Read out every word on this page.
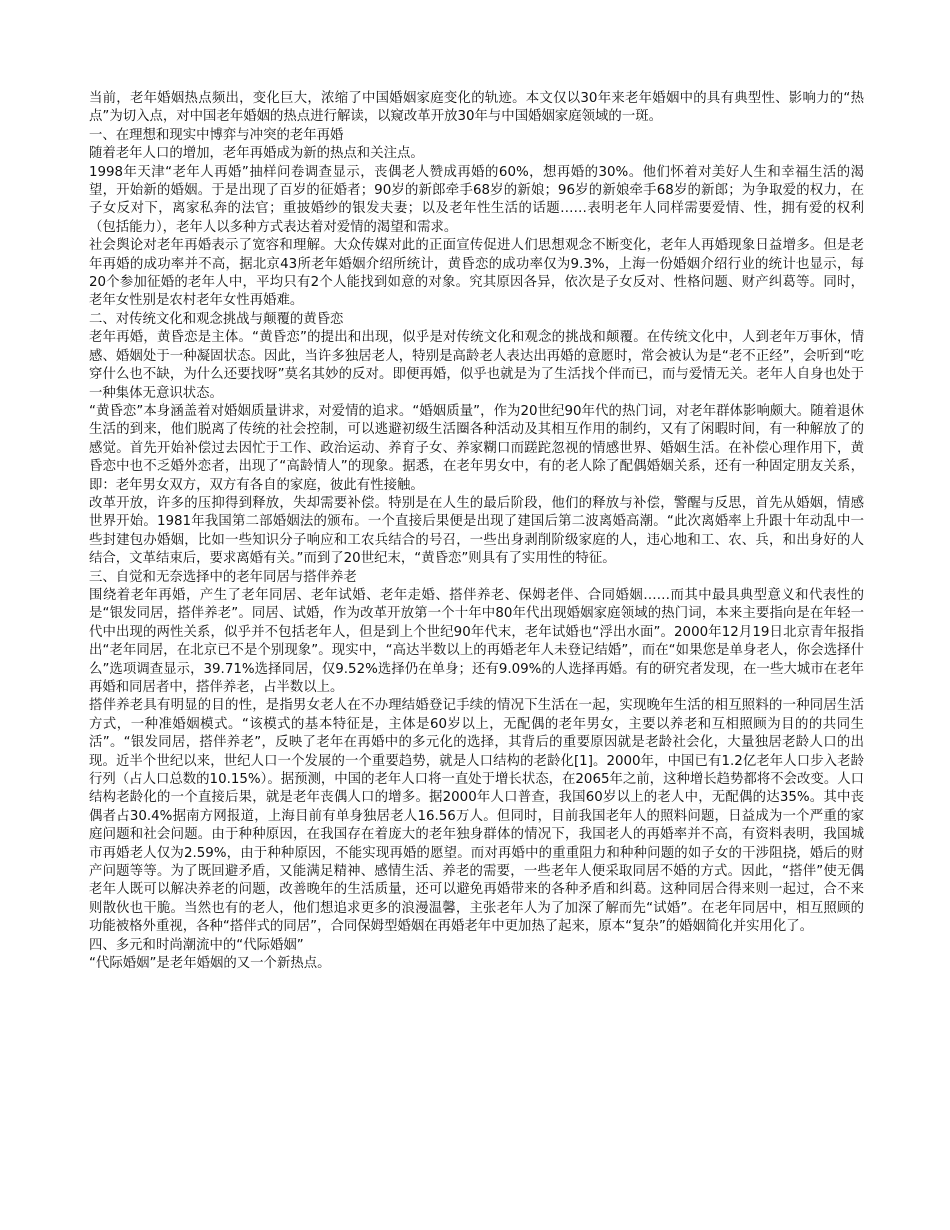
当前，老年婚姻热点频出，变化巨大，浓缩了中国婚姻家庭变化的轨迹。本文仅以30年来老年婚姻中的具有典型性、影响力的“热点”为切入点，对中国老年婚姻的热点进行解读，以窥改革开放30年与中国婚姻家庭领域的一斑。

一、在理想和现实中博弈与冲突的老年再婚

随着老年人口的增加，老年再婚成为新的热点和关注点。

1998年天津“老年人再婚”抽样问卷调查显示，丧偶老人赞成再婚的60%，想再婚的30%。他们怀着对美好人生和幸福生活的渴望，开始新的婚姻。于是出现了百岁的征婚者；90岁的新郎牵手68岁的新娘；96岁的新娘牵手68岁的新郎；为争取爱的权力，在子女反对下，离家私奔的法官；重披婚纱的银发夫妻；以及老年性生活的话题……表明老年人同样需要爱情、性，拥有爱的权利（包括能力），老年人以多种方式表达着对爱情的渴望和需求。

社会舆论对老年再婚表示了宽容和理解。大众传媒对此的正面宣传促进人们思想观念不断变化，老年人再婚现象日益增多。但是老年再婚的成功率并不高，据北京43所老年婚姻介绍所统计，黄昏恋的成功率仅为9.3%，上海一份婚姻介绍行业的统计也显示，每20个参加征婚的老年人中，平均只有2个人能找到如意的对象。究其原因各异，依次是子女反对、性格问题、财产纠葛等。同时，老年女性别是农村老年女性再婚难。

二、对传统文化和观念挑战与颠覆的黄昏恋

老年再婚，黄昏恋是主体。“黄昏恋”的提出和出现，似乎是对传统文化和观念的挑战和颠覆。在传统文化中，人到老年万事休，情感、婚姻处于一种凝固状态。因此，当许多独居老人，特别是高龄老人表达出再婚的意愿时，常会被认为是“老不正经”，会听到“吃穿什么也不缺，为什么还要找呀”莫名其妙的反对。即便再婚，似乎也就是为了生活找个伴而已，而与爱情无关。老年人自身也处于一种集体无意识状态。

“黄昏恋”本身涵盖着对婚姻质量讲求，对爱情的追求。“婚姻质量”，作为20世纪90年代的热门词，对老年群体影响颇大。随着退休生活的到来，他们脱离了传统的社会控制，可以逃避初级生活圈各种活动及其相互作用的制约，又有了闲暇时间，有一种解放了的感觉。首先开始补偿过去因忙于工作、政治运动、养育子女、养家糊口而蹉跎忽视的情感世界、婚姻生活。在补偿心理作用下，黄昏恋中也不乏婚外恋者，出现了“高龄情人”的现象。据悉，在老年男女中，有的老人除了配偶婚姻关系，还有一种固定朋友关系，即：老年男女双方，双方有各自的家庭，彼此有性接触。

改革开放，许多的压抑得到释放，失却需要补偿。特别是在人生的最后阶段，他们的释放与补偿，警醒与反思，首先从婚姻，情感世界开始。1981年我国第二部婚姻法的颁布。一个直接后果便是出现了建国后第二波离婚高潮。“此次离婚率上升跟十年动乱中一些封建包办婚姻，比如一些知识分子响应和工农兵结合的号召，一些出身剥削阶级家庭的人，违心地和工、农、兵，和出身好的人结合，文革结束后，要求离婚有关。”而到了20世纪末，“黄昏恋”则具有了实用性的特征。

三、自觉和无奈选择中的老年同居与搭伴养老

围绕着老年再婚，产生了老年同居、老年试婚、老年走婚、搭伴养老、保姆老伴、合同婚姻……而其中最具典型意义和代表性的是“银发同居，搭伴养老”。同居、试婚，作为改革开放第一个十年中80年代出现婚姻家庭领域的热门词，本来主要指向是在年轻一代中出现的两性关系，似乎并不包括老年人，但是到上个世纪90年代末，老年试婚也“浮出水面”。2000年12月19日北京青年报指出“老年同居，在北京已不是个别现象”。现实中，“高达半数以上的再婚老年人未登记结婚”，而在“如果您是单身老人，你会选择什么”选项调查显示，39.71%选择同居，仅9.52%选择仍在单身；还有9.09%的人选择再婚。有的研究者发现，在一些大城市在老年再婚和同居者中，搭伴养老，占半数以上。

搭伴养老具有明显的目的性，是指男女老人在不办理结婚登记手续的情况下生活在一起，实现晚年生活的相互照料的一种同居生活方式，一种准婚姻模式。“该模式的基本特征是，主体是60岁以上，无配偶的老年男女，主要以养老和互相照顾为目的的共同生活”。“银发同居，搭伴养老”，反映了老年在再婚中的多元化的选择，其背后的重要原因就是老龄社会化，大量独居老龄人口的出现。近半个世纪以来，世纪人口一个发展的一个重要趋势，就是人口结构的老龄化[1]。2000年，中国已有1.2亿老年人口步入老龄行列（占人口总数的10.15%）。据预测，中国的老年人口将一直处于增长状态，在2065年之前，这种增长趋势都将不会改变。人口结构老龄化的一个直接后果，就是老年丧偶人口的增多。据2000年人口普查，我国60岁以上的老人中，无配偶的达35%。其中丧偶者占30.4%据南方网报道，上海目前有单身独居老人16.56万人。但同时，目前我国老年人的照料问题，日益成为一个严重的家庭问题和社会问题。由于种种原因，在我国存在着庞大的老年独身群体的情况下，我国老人的再婚率并不高，有资料表明，我国城市再婚老人仅为2.59%，由于种种原因，不能实现再婚的愿望。而对再婚中的重重阻力和种种问题的如子女的干涉阻挠，婚后的财产问题等等。为了既回避矛盾，又能满足精神、感情生活、养老的需要，一些老年人便采取同居不婚的方式。因此，“搭伴”使无偶老年人既可以解决养老的问题，改善晚年的生活质量，还可以避免再婚带来的各种矛盾和纠葛。这种同居合得来则一起过，合不来则散伙也干脆。当然也有的老人，他们想追求更多的浪漫温馨，主张老年人为了加深了解而先“试婚”。在老年同居中，相互照顾的功能被格外重视，各种“搭伴式的同居”，合同保姆型婚姻在再婚老年中更加热了起来，原本“复杂”的婚姻简化并实用化了。

四、多元和时尚潮流中的“代际婚姻”

“代际婚姻”是老年婚姻的又一个新热点。
